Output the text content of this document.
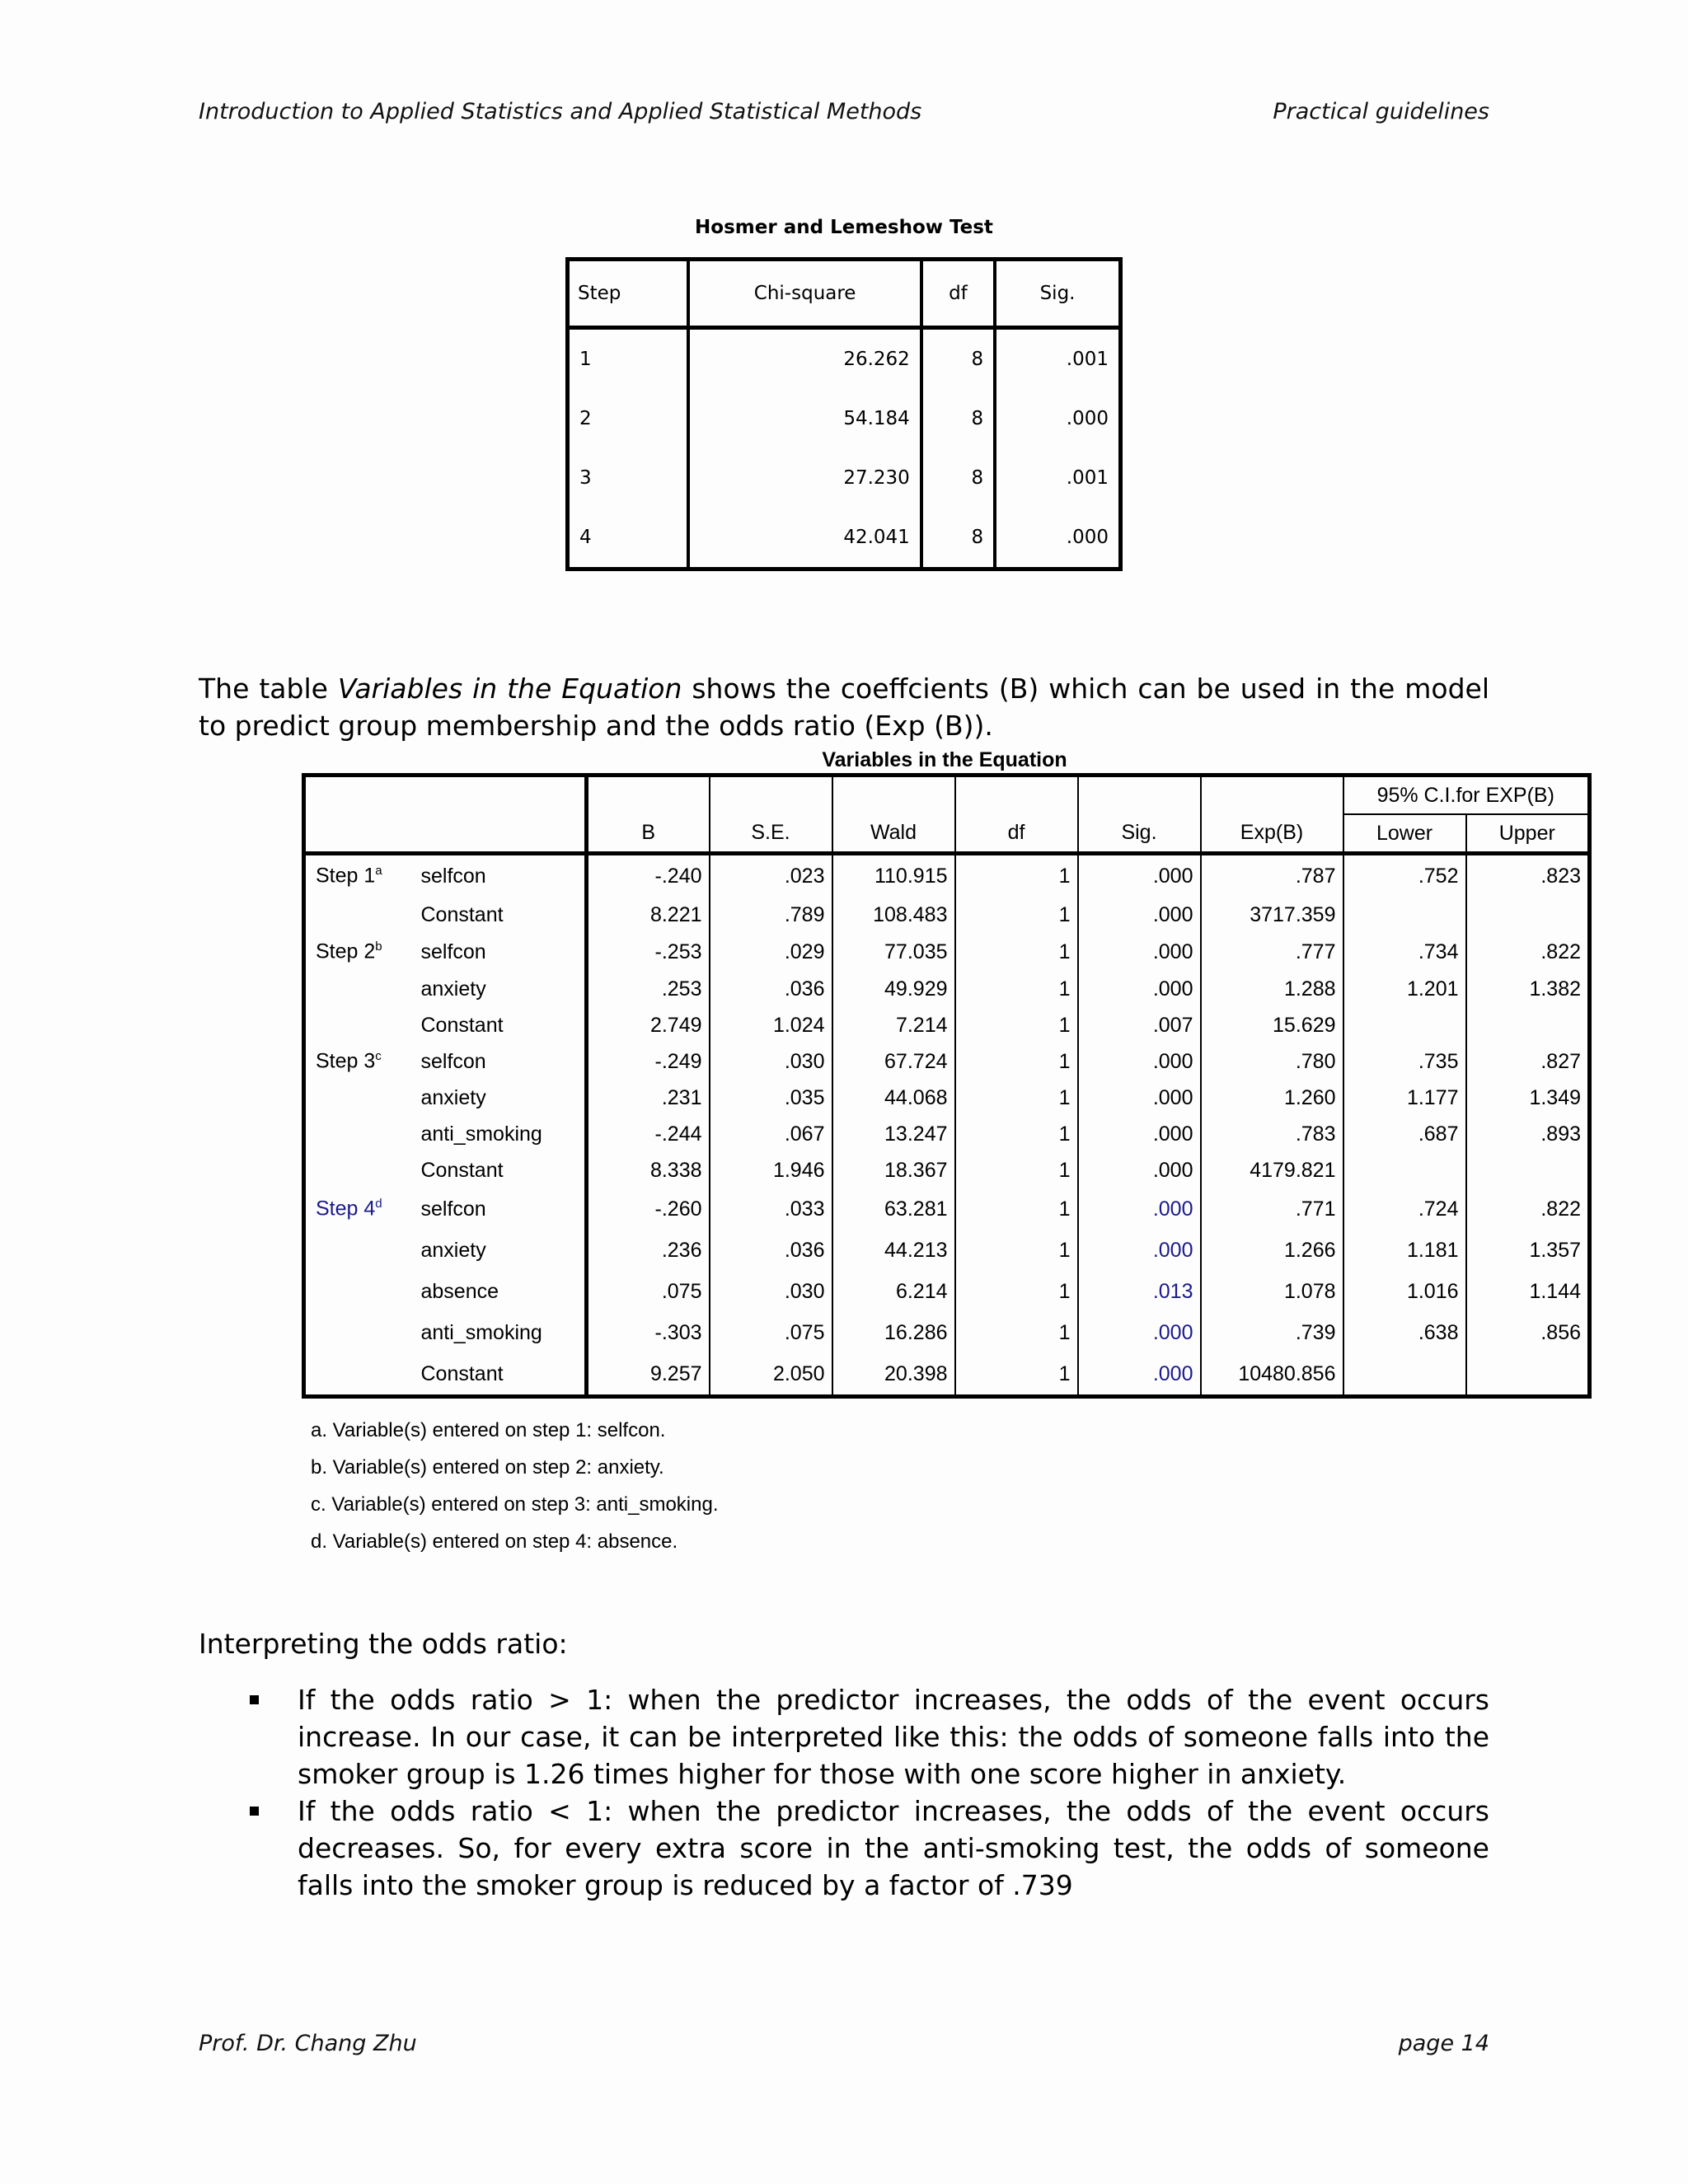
Introduction to Applied Statistics and Applied Statistical Methods	Practical guidelines
Hosmer and Lemeshow Test
Step	Chi-square	df	Sig.
1	26.262	8	.001
2	54.184	8	.000
3	27.230	8	.001
4	42.041	8	.000

The table Variables in the Equation shows the coeffcients (B) which can be used in the model to predict group membership and the odds ratio (Exp (B)).

Variables in the Equation
								95% C.I.for EXP(B)	
		B	S.E.	Wald	df	Sig.	Exp(B)	Lower	Upper
Step 1$^a$	selfcon	-.240	.023	110.915	1	.000	.787	.752	.823
	Constant	8.221	.789	108.483	1	.000	3717.359		
Step 2$^b$	selfcon	-.253	.029	77.035	1	.000	.777	.734	.822
	anxiety	.253	.036	49.929	1	.000	1.288	1.201	1.382
	Constant	2.749	1.024	7.214	1	.007	15.629		
Step 3$^c$	selfcon	-.249	.030	67.724	1	.000	.780	.735	.827
	anxiety	.231	.035	44.068	1	.000	1.260	1.177	1.349
	anti_smoking	-.244	.067	13.247	1	.000	.783	.687	.893
	Constant	8.338	1.946	18.367	1	.000	4179.821		
Step 4$^d$	selfcon	-.260	.033	63.281	1	.000	.771	.724	.822
	anxiety	.236	.036	44.213	1	.000	1.266	1.181	1.357
	absence	.075	.030	6.214	1	.013	1.078	1.016	1.144
	anti_smoking	-.303	.075	16.286	1	.000	.739	.638	.856
	Constant	9.257	2.050	20.398	1	.000	10480.856		
a. Variable(s) entered on step 1: selfcon.
b. Variable(s) entered on step 2: anxiety.
c. Variable(s) entered on step 3: anti_smoking.
d. Variable(s) entered on step 4: absence.
Interpreting the odds ratio:
If the odds ratio > 1: when the predictor increases, the odds of the event occurs increase. In our case, it can be interpreted like this: the odds of someone falls into the smoker group is 1.26 times higher for those with one score higher in anxiety.
If the odds ratio < 1: when the predictor increases, the odds of the event occurs decreases. So, for every extra score in the anti-smoking test, the odds of someone falls into the smoker group is reduced by a factor of .739
Prof. Dr. Chang Zhu	page 14
